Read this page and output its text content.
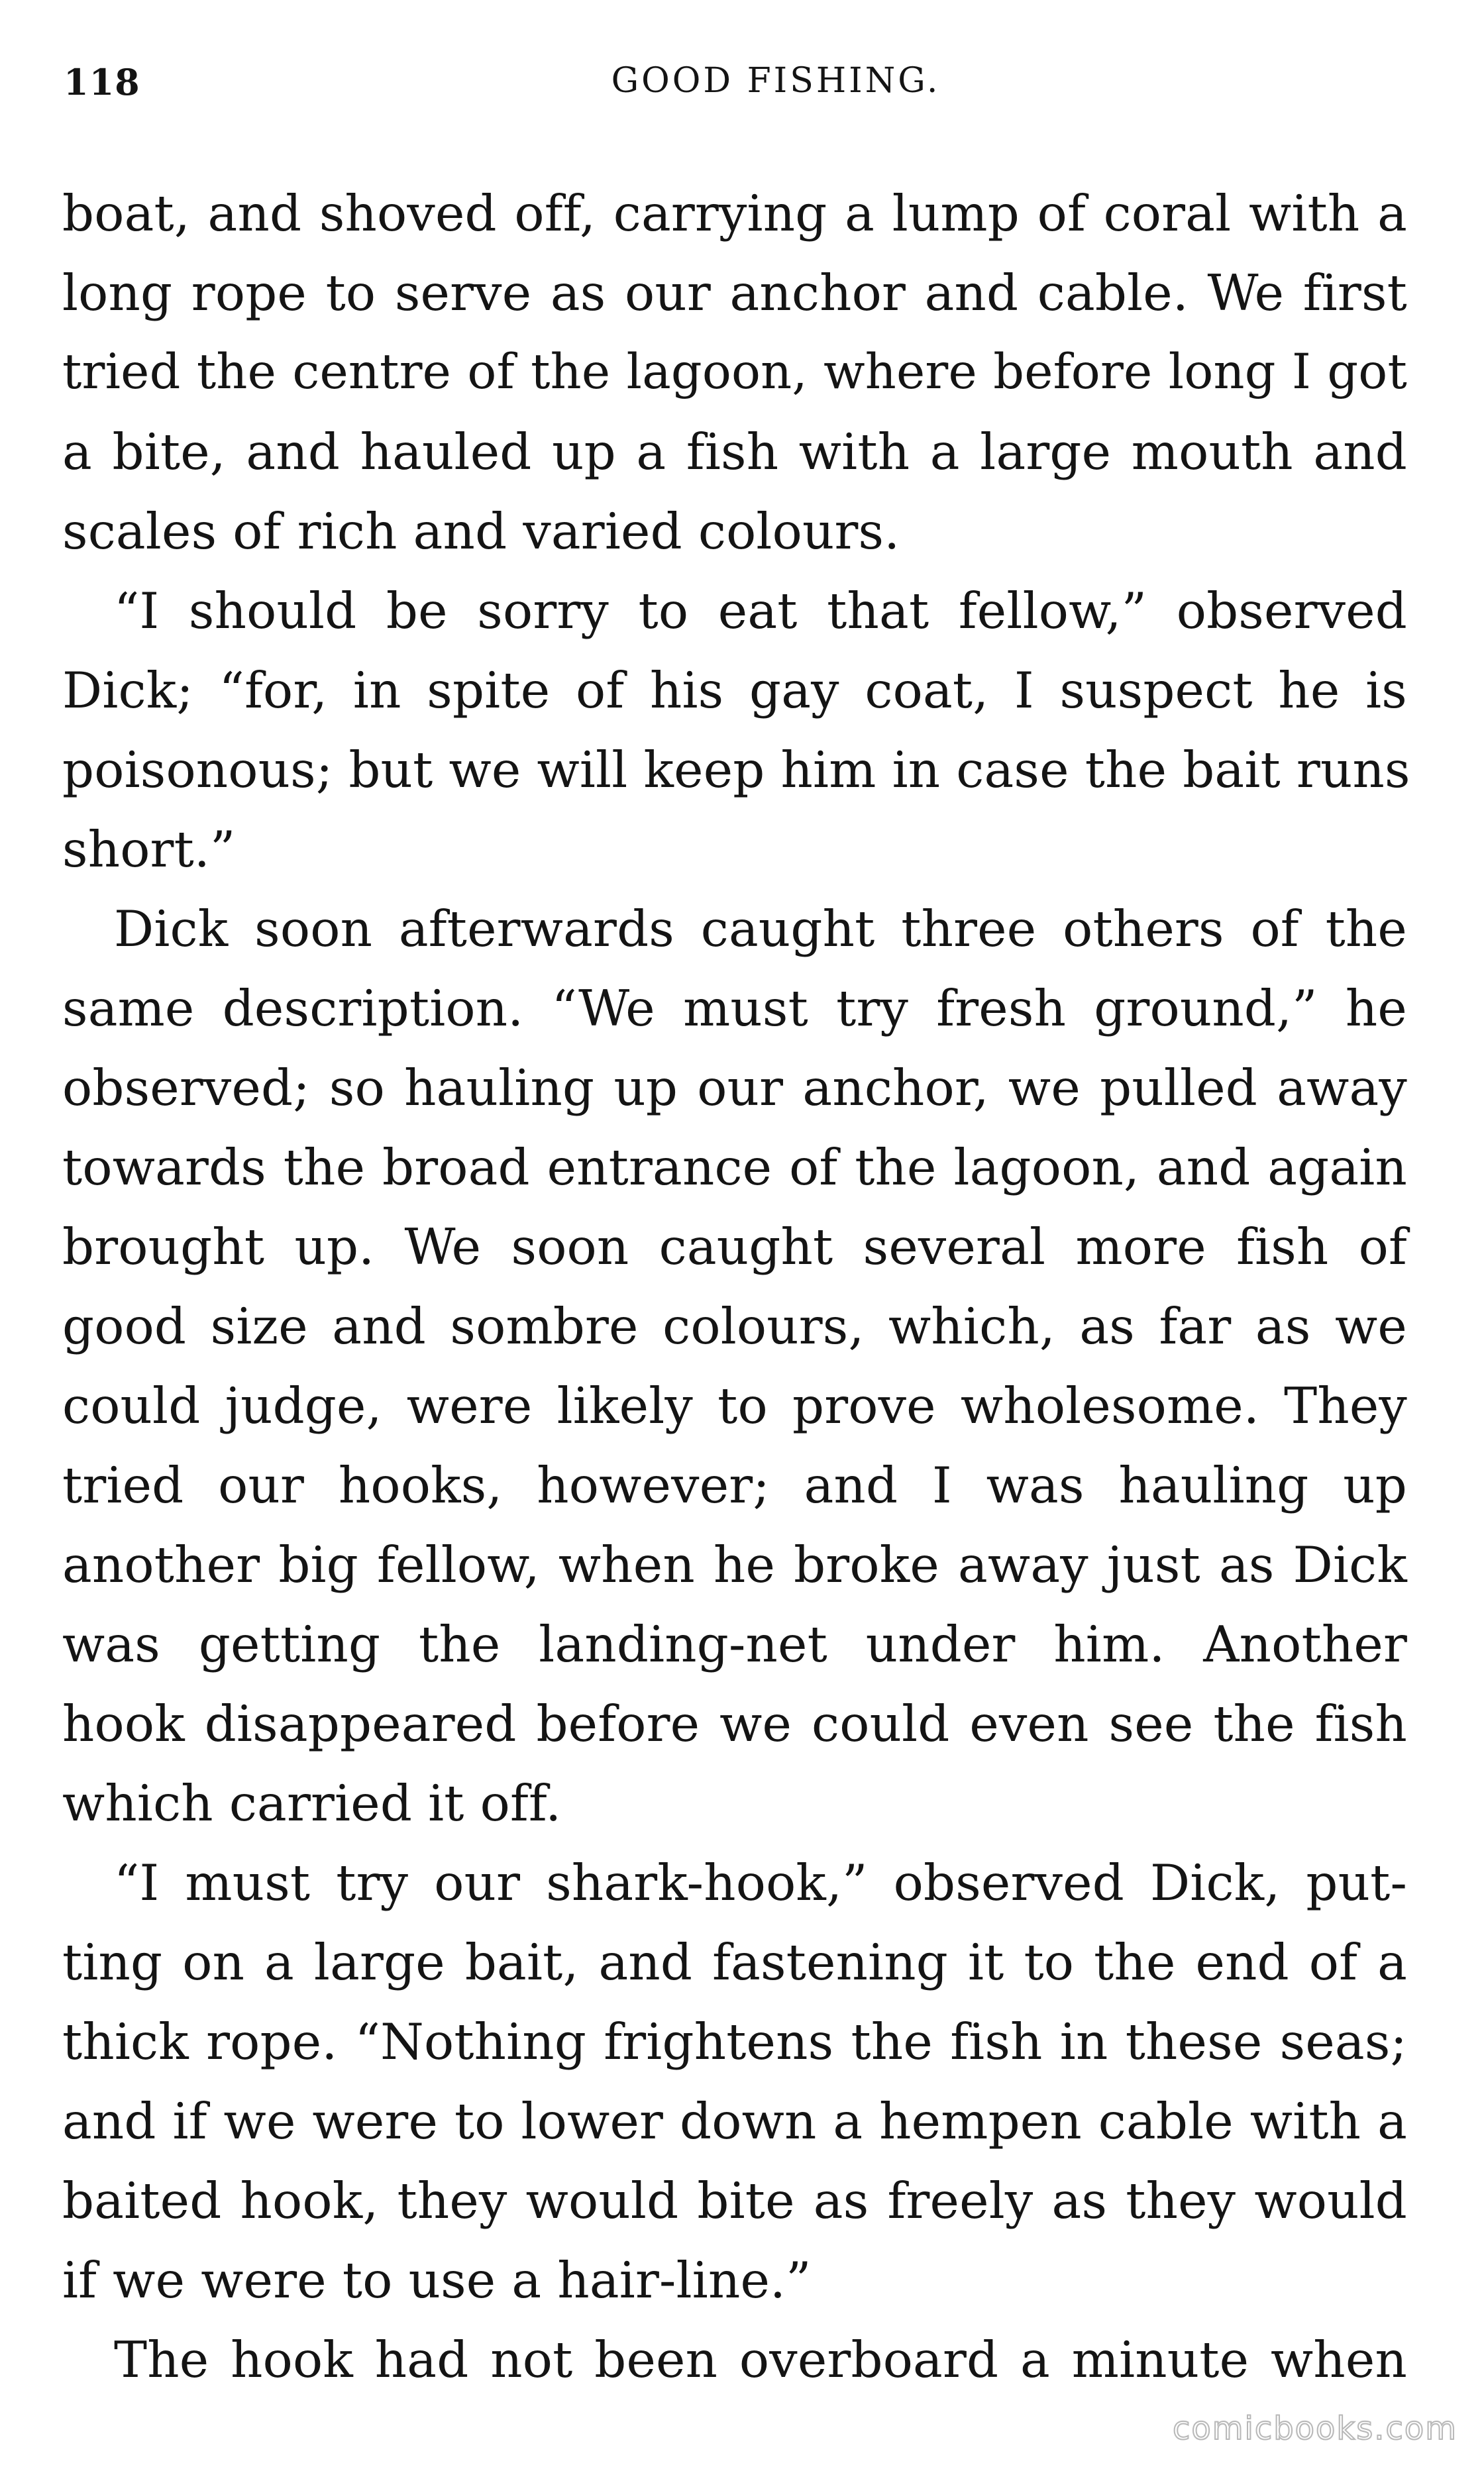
118	GOOD FISHING.
boat, and shoved off, carrying a lump of coral with a
long rope to serve as our anchor and cable. We first
tried the centre of the lagoon, where before long I got
a bite, and hauled up a fish with a large mouth and
scales of rich and varied colours.
“I should be sorry to eat that fellow,” observed
Dick; “for, in spite of his gay coat, I suspect he is
poisonous; but we will keep him in case the bait runs
short.”
Dick soon afterwards caught three others of the
same description. “We must try fresh ground,” he
observed; so hauling up our anchor, we pulled away
towards the broad entrance of the lagoon, and again
brought up. We soon caught several more fish of
good size and sombre colours, which, as far as we
could judge, were likely to prove wholesome. They
tried our hooks, however; and I was hauling up
another big fellow, when he broke away just as Dick
was getting the landing-net under him. Another
hook disappeared before we could even see the fish
which carried it off.
“I must try our shark-hook,” observed Dick, put-
ting on a large bait, and fastening it to the end of a
thick rope. “Nothing frightens the fish in these seas;
and if we were to lower down a hempen cable with a
baited hook, they would bite as freely as they would
if we were to use a hair-line.”
The hook had not been overboard a minute when
comicbooks.com
